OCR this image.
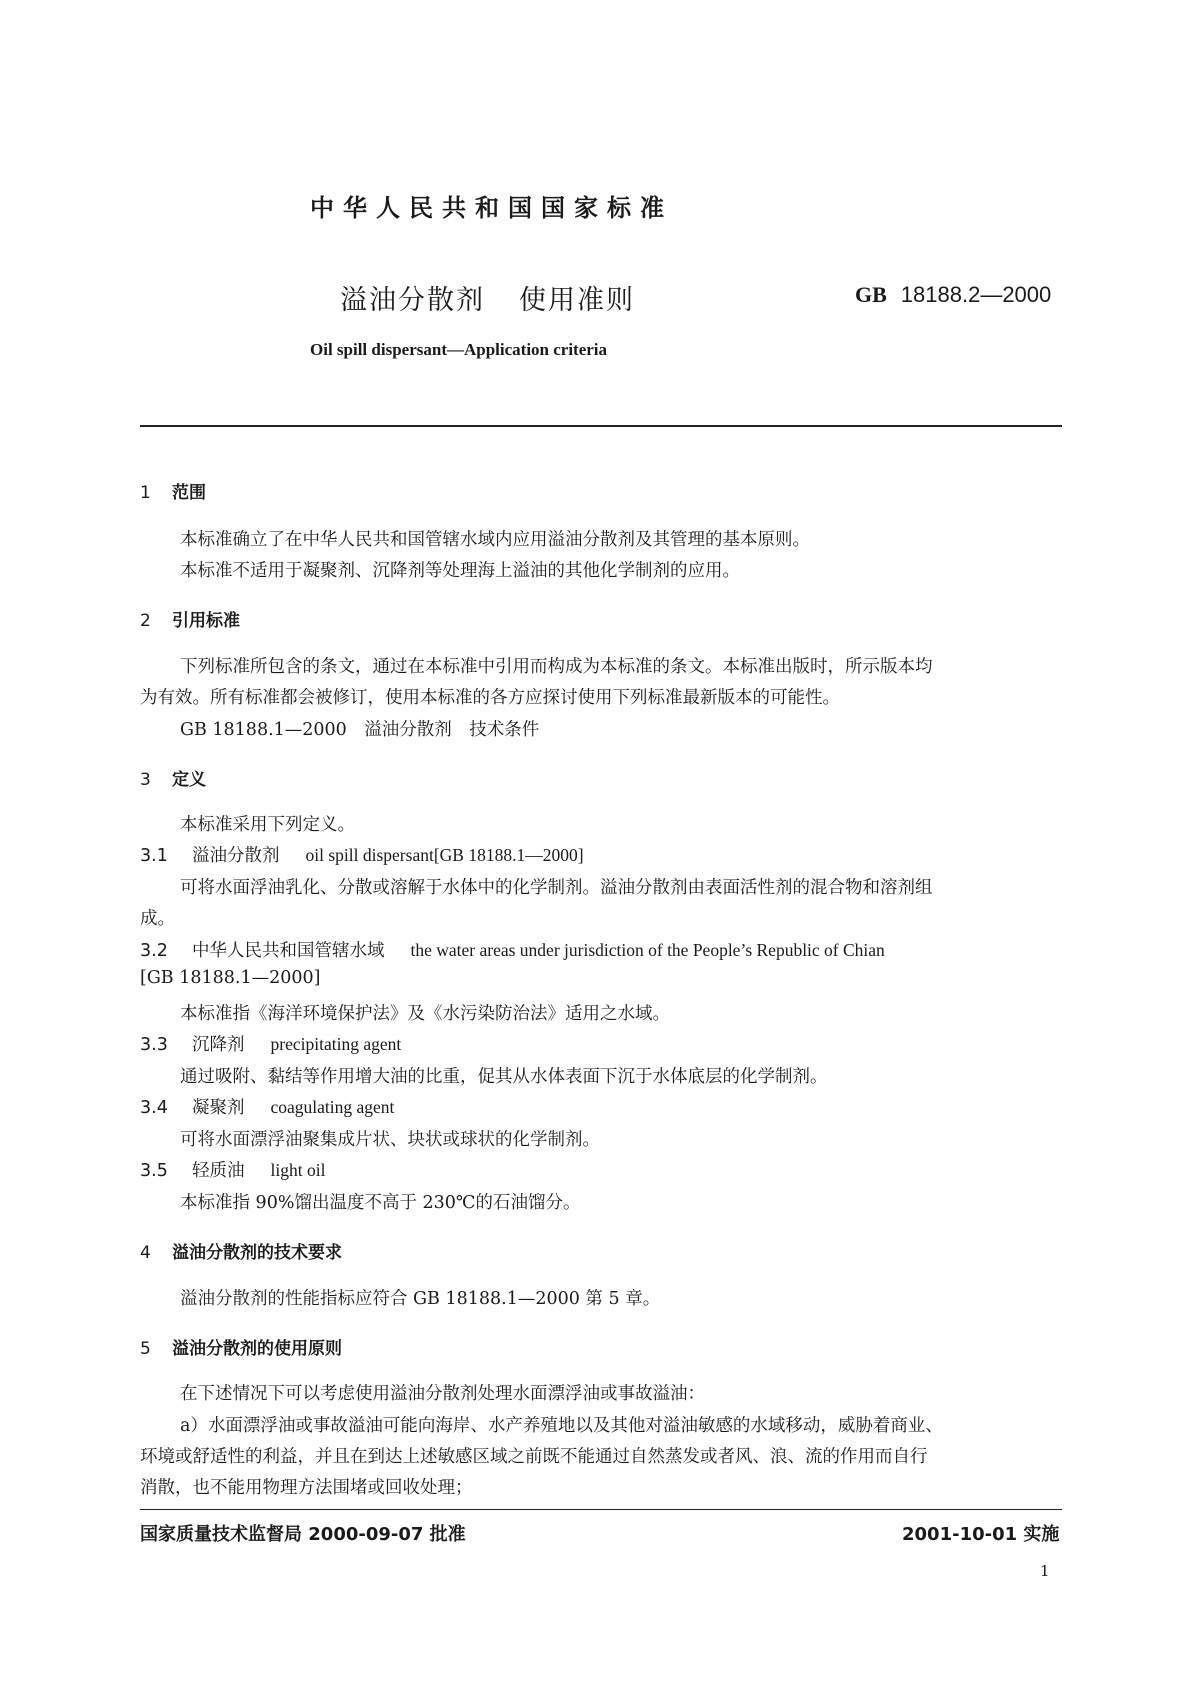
中华人民共和国国家标准
溢油分散剂 使用准则	GB 18188.2—2000
Oil spill dispersant—Application criteria
1 范围
本标准确立了在中华人民共和国管辖水域内应用溢油分散剂及其管理的基本原则。
本标准不适用于凝聚剂、沉降剂等处理海上溢油的其他化学制剂的应用。
2 引用标准
下列标准所包含的条文，通过在本标准中引用而构成为本标准的条文。本标准出版时，所示版本均
为有效。所有标准都会被修订，使用本标准的各方应探讨使用下列标准最新版本的可能性。
GB 18188.1—2000　溢油分散剂　技术条件
3 定义
本标准采用下列定义。
3.1 溢油分散剂 oil spill dispersant[GB 18188.1—2000]
可将水面浮油乳化、分散或溶解于水体中的化学制剂。溢油分散剂由表面活性剂的混合物和溶剂组
成。
3.2 中华人民共和国管辖水域 the water areas under jurisdiction of the People’s Republic of Chian
[GB 18188.1—2000]
本标准指《海洋环境保护法》及《水污染防治法》适用之水域。
3.3 沉降剂 precipitating agent
通过吸附、黏结等作用增大油的比重，促其从水体表面下沉于水体底层的化学制剂。
3.4 凝聚剂 coagulating agent
可将水面漂浮油聚集成片状、块状或球状的化学制剂。
3.5 轻质油 light oil
本标准指 90%馏出温度不高于 230℃的石油馏分。
4 溢油分散剂的技术要求
溢油分散剂的性能指标应符合 GB 18188.1—2000 第 5 章。
5 溢油分散剂的使用原则
在下述情况下可以考虑使用溢油分散剂处理水面漂浮油或事故溢油：
a）水面漂浮油或事故溢油可能向海岸、水产养殖地以及其他对溢油敏感的水域移动，威胁着商业、
环境或舒适性的利益，并且在到达上述敏感区域之前既不能通过自然蒸发或者风、浪、流的作用而自行
消散，也不能用物理方法围堵或回收处理；
国家质量技术监督局 2000-09-07 批准	2001-10-01 实施
1
